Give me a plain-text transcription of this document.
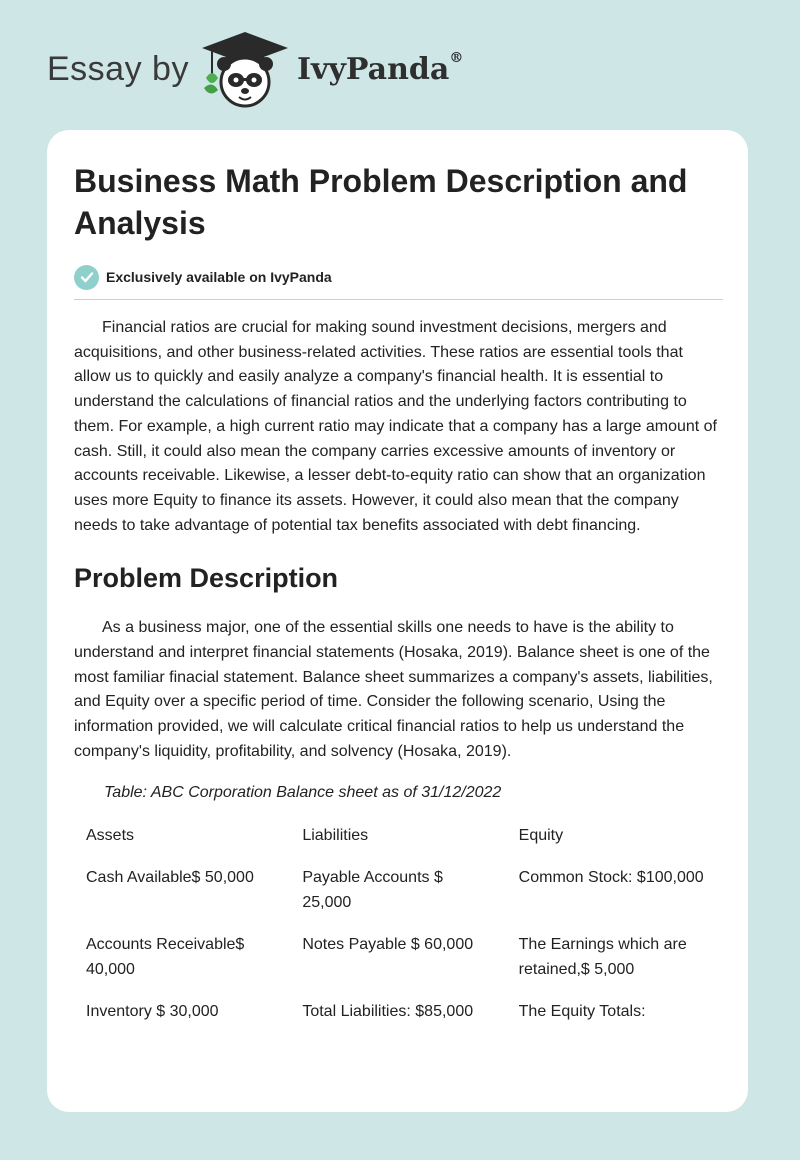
Essay by	IvyPanda®
Business Math Problem Description and Analysis
Exclusively available on IvyPanda

Financial ratios are crucial for making sound investment decisions, mergers and acquisitions, and other business-related activities. These ratios are essential tools that allow us to quickly and easily analyze a company's financial health. It is essential to understand the calculations of financial ratios and the underlying factors contributing to them. For example, a high current ratio may indicate that a company has a large amount of cash. Still, it could also mean the company carries excessive amounts of inventory or accounts receivable. Likewise, a lesser debt-to-equity ratio can show that an organization uses more Equity to finance its assets. However, it could also mean that the company needs to take advantage of potential tax benefits associated with debt financing.

Problem Description

As a business major, one of the essential skills one needs to have is the ability to understand and interpret financial statements (Hosaka, 2019). Balance sheet is one of the most familiar finacial statement. Balance sheet summarizes a company's assets, liabilities, and Equity over a specific period of time. Consider the following scenario, Using the information provided, we will calculate critical financial ratios to help us understand the company's liquidity, profitability, and solvency (Hosaka, 2019).

Table: ABC Corporation Balance sheet as of 31/12/2022
Assets	Liabilities	Equity
Cash Available$ 50,000	Payable Accounts $ 25,000	Common Stock: $100,000
Accounts Receivable$ 40,000	Notes Payable $ 60,000	The Earnings which are retained,$ 5,000
Inventory $ 30,000	Total Liabilities: $85,000	The Equity Totals:
